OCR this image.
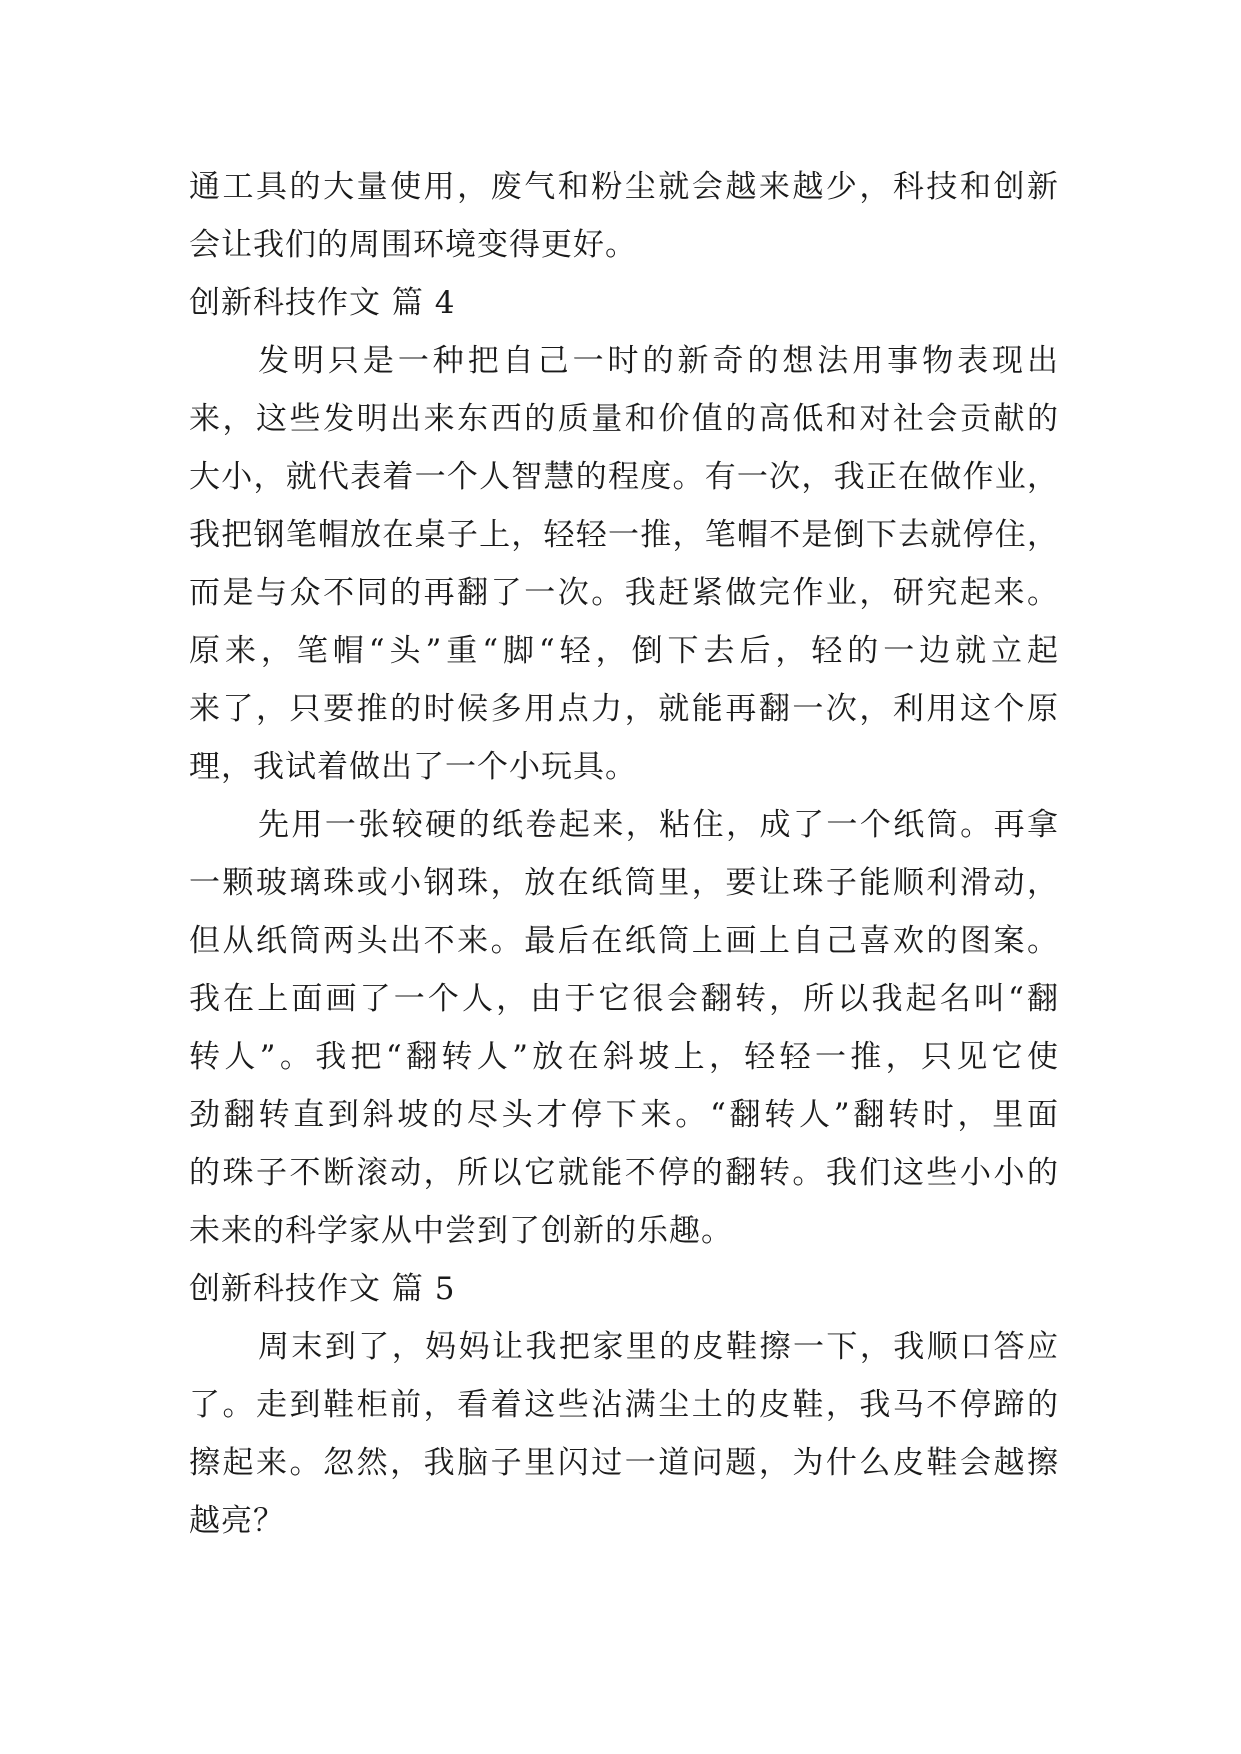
通工具的大量使用，废气和粉尘就会越来越少，科技和创新
会让我们的周围环境变得更好。
创新科技作文 篇 4
发明只是一种把自己一时的新奇的想法用事物表现出
来，这些发明出来东西的质量和价值的高低和对社会贡献的
大小，就代表着一个人智慧的程度。有一次，我正在做作业，
我把钢笔帽放在桌子上，轻轻一推，笔帽不是倒下去就停住，
而是与众不同的再翻了一次。我赶紧做完作业，研究起来。
原来，笔帽“头”重“脚“轻，倒下去后，轻的一边就立起
来了，只要推的时候多用点力，就能再翻一次，利用这个原
理，我试着做出了一个小玩具。
先用一张较硬的纸卷起来，粘住，成了一个纸筒。再拿
一颗玻璃珠或小钢珠，放在纸筒里，要让珠子能顺利滑动，
但从纸筒两头出不来。最后在纸筒上画上自己喜欢的图案。
我在上面画了一个人，由于它很会翻转，所以我起名叫“翻
转人”。我把“翻转人”放在斜坡上，轻轻一推，只见它使
劲翻转直到斜坡的尽头才停下来。“翻转人”翻转时，里面
的珠子不断滚动，所以它就能不停的翻转。我们这些小小的
未来的科学家从中尝到了创新的乐趣。
创新科技作文 篇 5
周末到了，妈妈让我把家里的皮鞋擦一下，我顺口答应
了。走到鞋柜前，看着这些沾满尘土的皮鞋，我马不停蹄的
擦起来。忽然，我脑子里闪过一道问题，为什么皮鞋会越擦
越亮？
